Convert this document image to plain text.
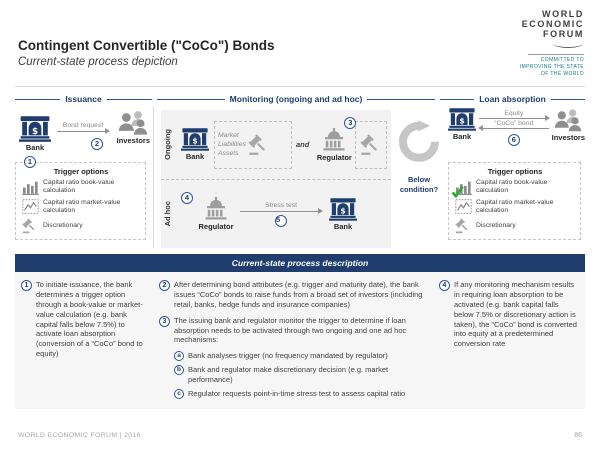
Contingent Convertible ("CoCo") Bonds
Current-state process depiction
WORLD
ECONOMIC
FORUM
COMMITTED TO
IMPROVING THE STATE
OF THE WORLD
Issuance	Monitoring (ongoing and ad hoc)	Loan absorption
Bank
Bond request
2	Investors
1
Trigger options
Capital ratio book-value calculation
Capital ratio market-value calculation
Discretionary
Ongoing	Bank
Market
Liabilities
Assets
and
3
Regulator
Ad hoc
4
Regulator
Stress test
5
Bank
Below condition?
Bank
Equity
“CoCo” bond
6	Investors
Trigger options
Capital ratio book-value calculation
Capital ratio market-value calculation
Discretionary
Current-state process description
1	To initiate issuance, the bank determines a trigger option through a book-value or market-value calculation (e.g. bank capital falls below 7.5%) to activate loan absorption (conversion of a “CoCo” bond to equity)
2	After determining bond attributes (e.g. trigger and maturity date), the bank issues “CoCo” bonds to raise funds from a broad set of investors (including retail, banks, hedge funds and insurance companies)
3	The issuing bank and regulator monitor the trigger to determine if loan absorption needs to be activated through two ongoing and one ad hoc mechanisms:
a Bank analyses trigger (no frequency mandated by regulator)
b Bank and regulator make discretionary decision (e.g. market performance)
c Regulator requests point-in-time stress test to assess capital ratio
4	If any monitoring mechanism results in requiring loan absorption to be activated (e.g. bank capital falls below 7.5% or discretionary action is taken), the “CoCo” bond is converted into equity at a predetermined conversion rate
WORLD ECONOMIC FORUM | 2016	86
